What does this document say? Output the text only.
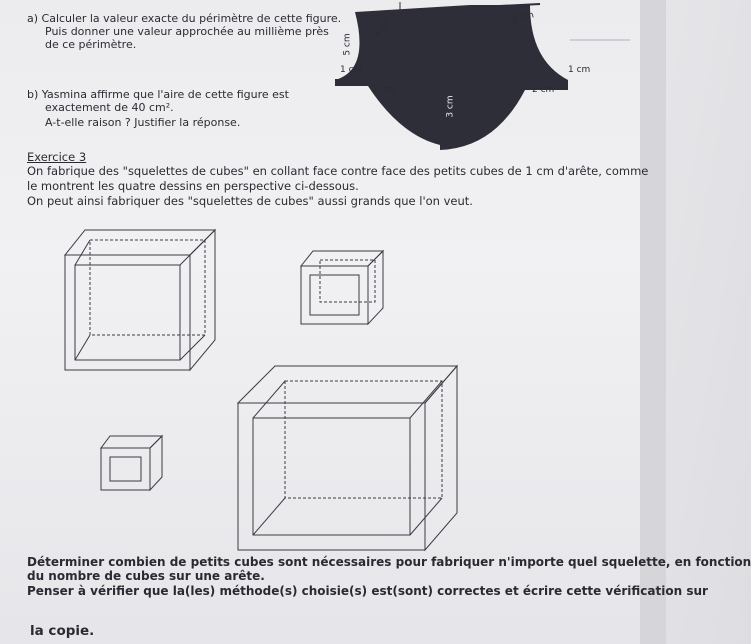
a) Calculer la valeur exacte du périmètre de cette figure.
Puis donner une valeur approchée au millième près
de ce périmètre.
b) Yasmina affirme que l'aire de cette figure est
exactement de 40 cm².
A-t-elle raison ? Justifier la réponse.
3 cm	3 cm
5 cm
1 cm	1 cm
2 cm	2 cm
3 cm
Exercice 3
On fabrique des "squelettes de cubes" en collant face contre face des petits cubes de 1 cm d'arête, comme
le montrent les quatre dessins en perspective ci-dessous.
On peut ainsi fabriquer des "squelettes de cubes" aussi grands que l'on veut.
Déterminer combien de petits cubes sont nécessaires pour fabriquer n'importe quel squelette, en fonction
du nombre de cubes sur une arête.
Penser à vérifier que la(les) méthode(s) choisie(s) est(sont) correctes et écrire cette vérification sur
la copie.
